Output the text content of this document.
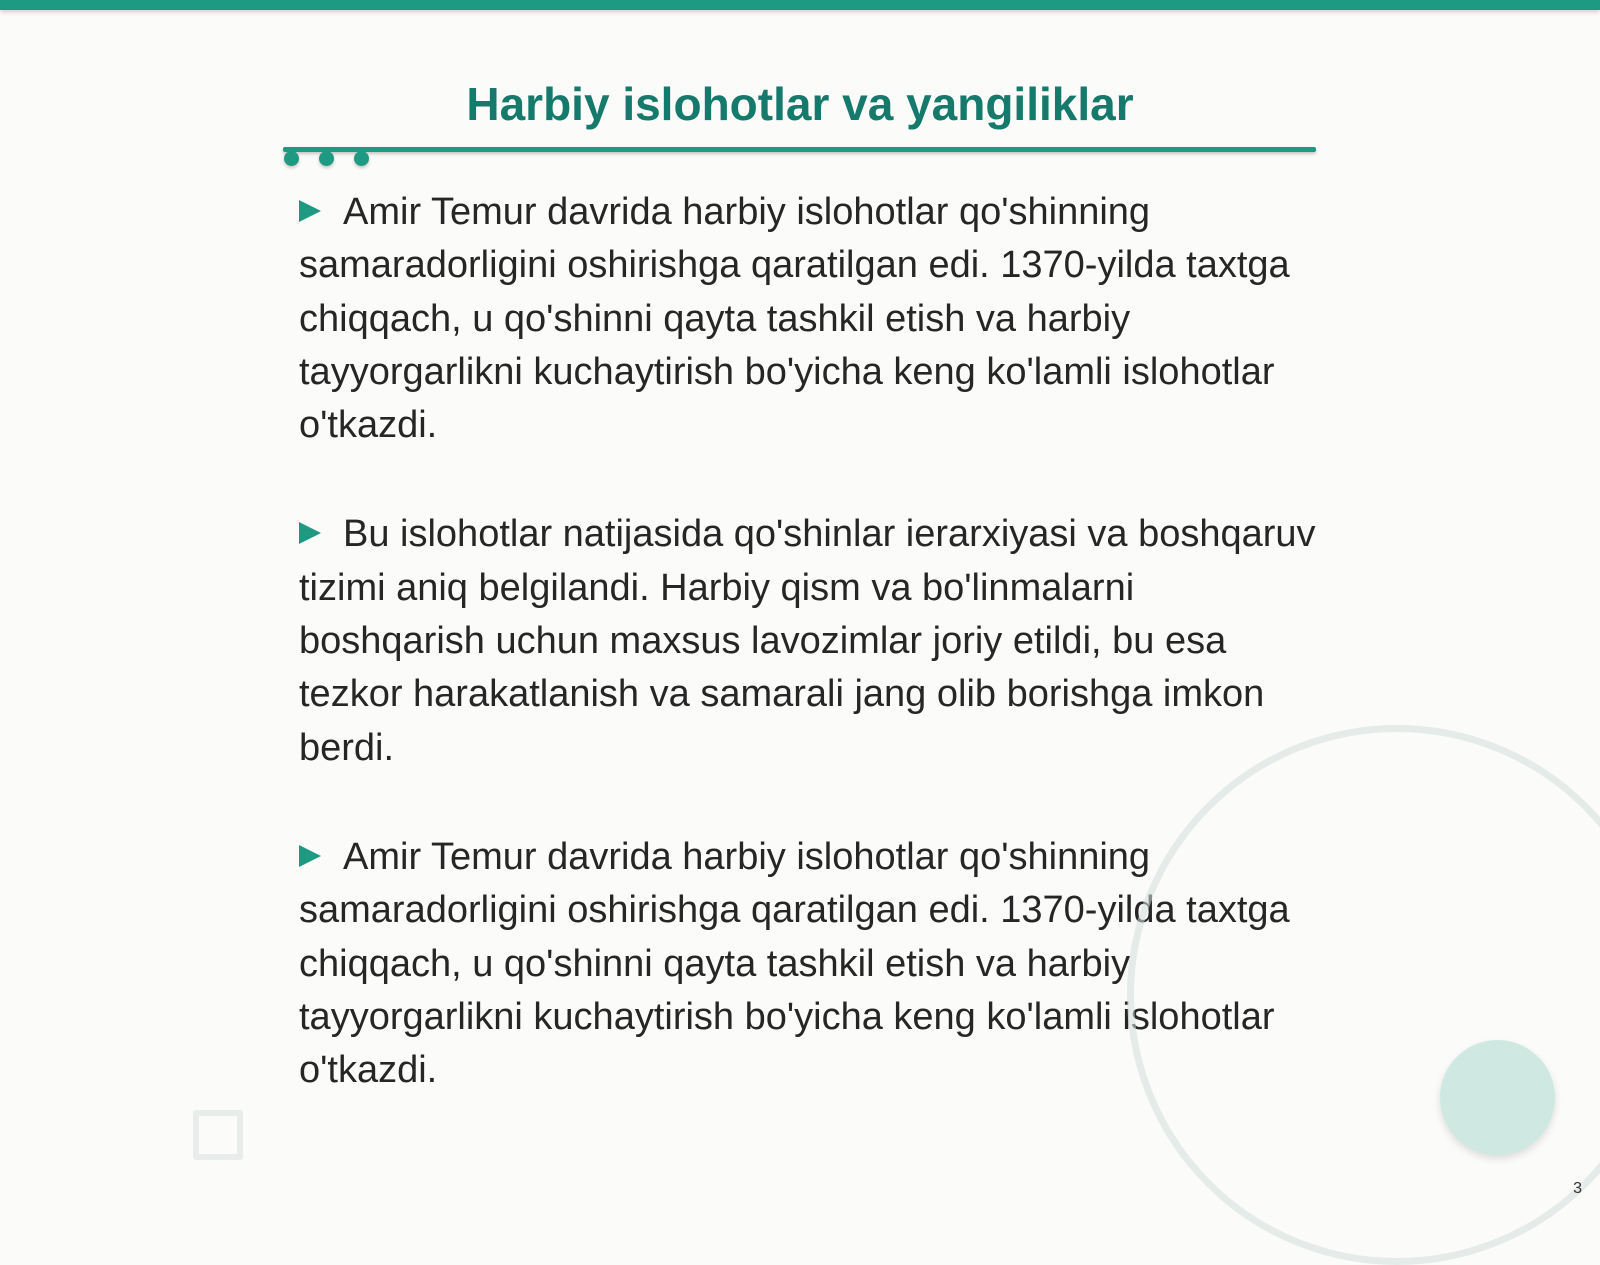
Harbiy islohotlar va yangiliklar
Amir Temur davrida harbiy islohotlar qo'shinning samaradorligini oshirishga qaratilgan edi. 1370-yilda taxtga chiqqach, u qo'shinni qayta tashkil etish va harbiy tayyorgarlikni kuchaytirish bo'yicha keng ko'lamli islohotlar o'tkazdi.
Bu islohotlar natijasida qo'shinlar ierarxiyasi va boshqaruv tizimi aniq belgilandi. Harbiy qism va bo'linmalarni boshqarish uchun maxsus lavozimlar joriy etildi, bu esa tezkor harakatlanish va samarali jang olib borishga imkon berdi.
Amir Temur davrida harbiy islohotlar qo'shinning samaradorligini oshirishga qaratilgan edi. 1370-yilda taxtga chiqqach, u qo'shinni qayta tashkil etish va harbiy tayyorgarlikni kuchaytirish bo'yicha keng ko'lamli islohotlar o'tkazdi.
3
